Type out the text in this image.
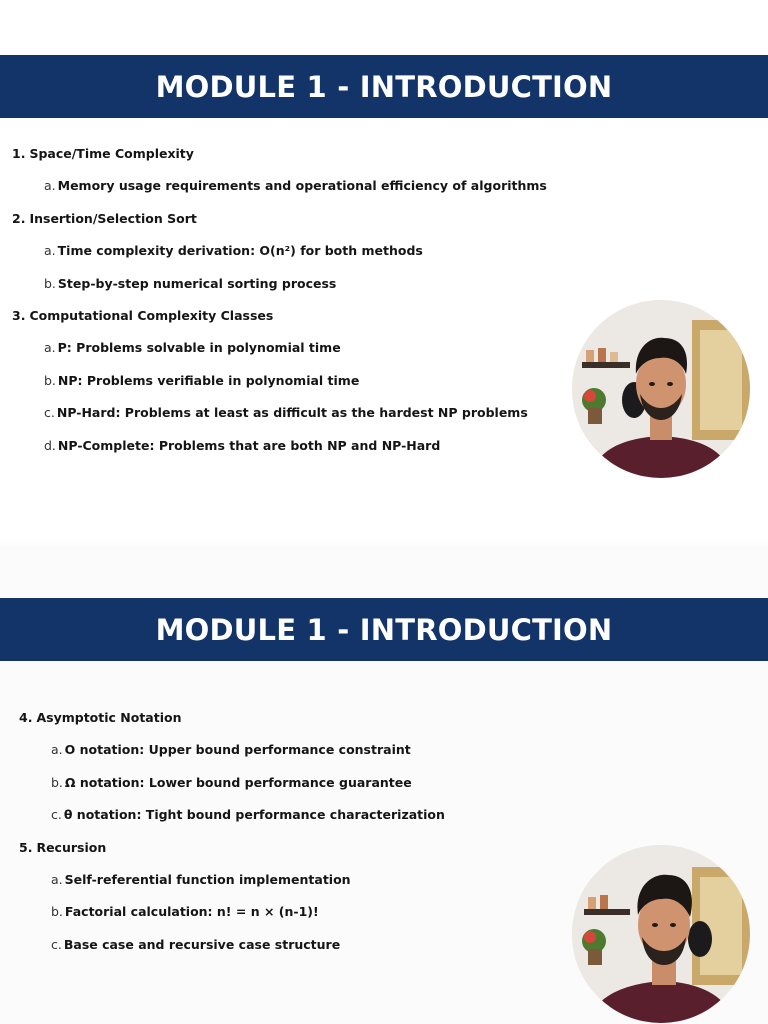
MODULE 1 - INTRODUCTION
1. Space/Time Complexity
a. Memory usage requirements and operational efficiency of algorithms
2. Insertion/Selection Sort
a. Time complexity derivation: O(n²) for both methods
b. Step-by-step numerical sorting process
3. Computational Complexity Classes
a. P: Problems solvable in polynomial time
b. NP: Problems verifiable in polynomial time
c. NP-Hard: Problems at least as difficult as the hardest NP problems
d. NP-Complete: Problems that are both NP and NP-Hard
MODULE 1 - INTRODUCTION
4. Asymptotic Notation
a. O notation: Upper bound performance constraint
b. Ω notation: Lower bound performance guarantee
c. θ notation: Tight bound performance characterization
5. Recursion
a. Self-referential function implementation
b. Factorial calculation: n! = n × (n-1)!
c. Base case and recursive case structure
